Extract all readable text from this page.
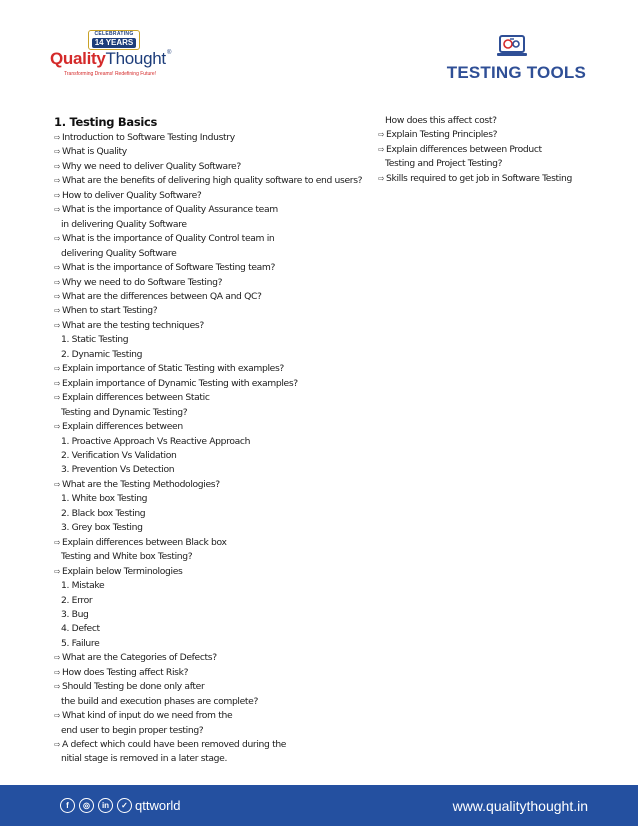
CELEBRATING
14 YEARS
QualityThought ®
Transforming Dreams! Redefining Future!	TESTING TOOLS
1. Testing Basics
⇨ Introduction to Software Testing Industry
⇨ What is Quality
⇨ Why we need to deliver Quality Software?
⇨ What are the benefits of delivering high quality software to end users?
⇨ How to deliver Quality Software?
⇨ What is the importance of Quality Assurance team
in delivering Quality Software
⇨ What is the importance of Quality Control team in
delivering Quality Software
⇨ What is the importance of Software Testing team?
⇨ Why we need to do Software Testing?
⇨ What are the differences between QA and QC?
⇨ When to start Testing?
⇨ What are the testing techniques?
1. Static Testing
2. Dynamic Testing
⇨ Explain importance of Static Testing with examples?
⇨ Explain importance of Dynamic Testing with examples?
⇨ Explain differences between Static
Testing and Dynamic Testing?
⇨ Explain differences between
1. Proactive Approach Vs Reactive Approach
2. Verification Vs Validation
3. Prevention Vs Detection
⇨ What are the Testing Methodologies?
1. White box Testing
2. Black box Testing
3. Grey box Testing
⇨ Explain differences between Black box
Testing and White box Testing?
⇨ Explain below Terminologies
1. Mistake
2. Error
3. Bug
4. Defect
5. Failure
⇨ What are the Categories of Defects?
⇨ How does Testing affect Risk?
⇨ Should Testing be done only after
the build and execution phases are complete?
⇨ What kind of input do we need from the
end user to begin proper testing?
⇨ A defect which could have been removed during the
nitial stage is removed in a later stage.
How does this affect cost?
⇨ Explain Testing Principles?
⇨ Explain differences between Product
Testing and Project Testing?
⇨ Skills required to get job in Software Testing
f	◎	in	✓ qttworld	www.qualitythought.in
